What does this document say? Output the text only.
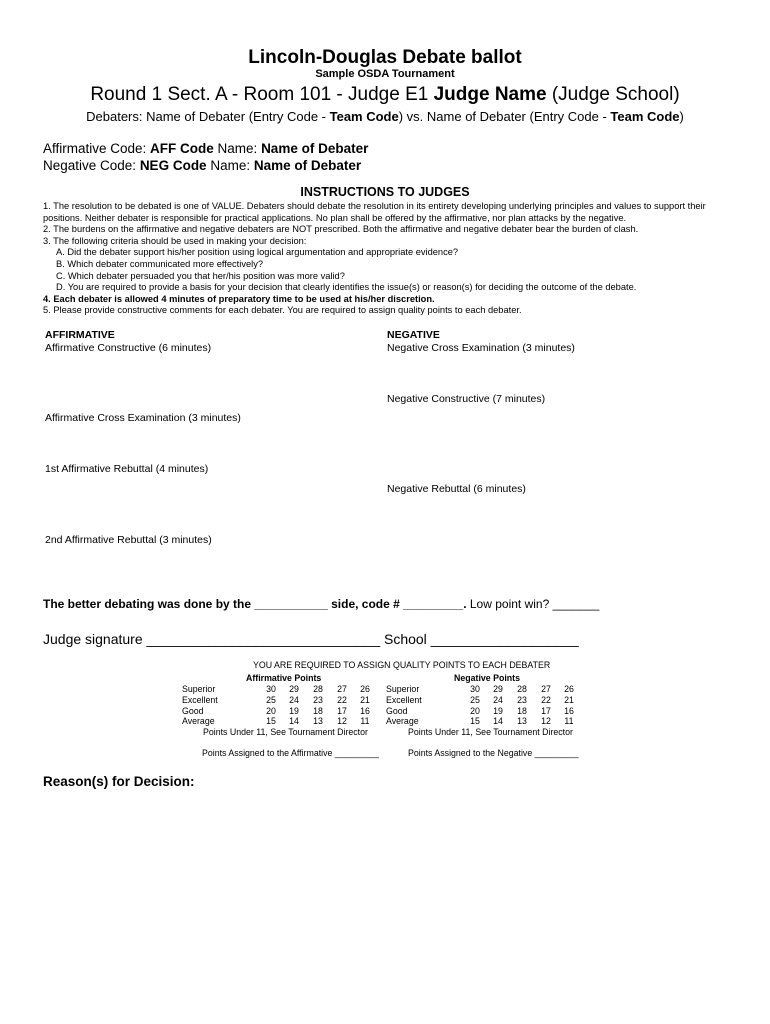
Lincoln-Douglas Debate ballot
Sample OSDA Tournament
Round 1 Sect. A - Room 101 - Judge E1 Judge Name (Judge School)
Debaters: Name of Debater (Entry Code - Team Code) vs. Name of Debater (Entry Code - Team Code)
Affirmative Code: AFF Code Name: Name of Debater
Negative Code: NEG Code Name: Name of Debater
INSTRUCTIONS TO JUDGES
1. The resolution to be debated is one of VALUE. Debaters should debate the resolution in its entirety developing underlying principles and values to support their positions. Neither debater is responsible for practical applications. No plan shall be offered by the affirmative, nor plan attacks by the negative.
2. The burdens on the affirmative and negative debaters are NOT prescribed. Both the affirmative and negative debater bear the burden of clash.
3. The following criteria should be used in making your decision:
A. Did the debater support his/her position using logical argumentation and appropriate evidence?
B. Which debater communicated more effectively?
C. Which debater persuaded you that her/his position was more valid?
D. You are required to provide a basis for your decision that clearly identifies the issue(s) or reason(s) for deciding the outcome of the debate.
4. Each debater is allowed 4 minutes of preparatory time to be used at his/her discretion.
5. Please provide constructive comments for each debater. You are required to assign quality points to each debater.
AFFIRMATIVE	NEGATIVE
Affirmative Constructive (6 minutes)	Negative Cross Examination (3 minutes)
Negative Constructive (7 minutes)
Affirmative Cross Examination (3 minutes)
1st Affirmative Rebuttal (4 minutes)
Negative Rebuttal (6 minutes)
2nd Affirmative Rebuttal (3 minutes)
The better debating was done by the ___________ side, code # _________. Low point win? _______
Judge signature ______________________________ School ___________________
YOU ARE REQUIRED TO ASSIGN QUALITY POINTS TO EACH DEBATER
Affirmative Points	Negative Points
Superior	30	29	28	27	26
Excellent	25	24	23	22	21
Good	20	19	18	17	16
Average	15	14	13	12	11
Superior	30	29	28	27	26
Excellent	25	24	23	22	21
Good	20	19	18	17	16
Average	15	14	13	12	11
Points Under 11, See Tournament Director	Points Under 11, See Tournament Director
Points Assigned to the Affirmative _________	Points Assigned to the Negative _________
Reason(s) for Decision:
